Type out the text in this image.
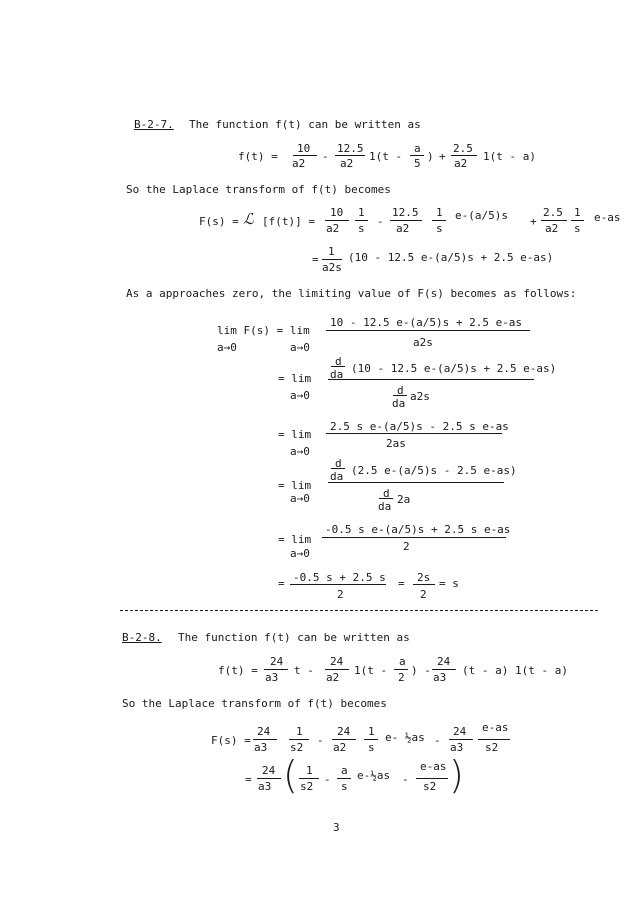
B-2-7. The function f(t) can be written as
f(t) =
10
a2
-
12.5
a2
1(t -
a
5
) +
2.5
a2
1(t - a)
So the Laplace transform of f(t) becomes
F(s) = ℒ [f(t)] =
10
a2
1
s
-
12.5
a2
1
s
e-(a/5)s +
2.5
a2
1
s
e-as
=
1
a2s
(10 - 12.5 e-(a/5)s + 2.5 e-as)
As a approaches zero, the limiting value of F(s) becomes as follows:
lim F(s) = lim
a→0	a→0
10 - 12.5 e-(a/5)s + 2.5 e-as
a2s
d
da (10 - 12.5 e-(a/5)s + 2.5 e-as)
= lim
a→0	d
da
a2s
2.5 s e-(a/5)s - 2.5 s e-as
= lim
2as
a→0
d
da (2.5 e-(a/5)s - 2.5 e-as)
= lim
a→0	d
da
2a
-0.5 s e-(a/5)s + 2.5 s e-as
= lim
2
a→0
= -0.5 s + 2.5 s
2
= 2s
2
= s
B-2-8. The function f(t) can be written as
f(t) =
24
a3
t -
24
a2
1(t -
a
2
) -
24
a3
(t - a) 1(t - a)
So the Laplace transform of f(t) becomes
F(s) =
24
a3
1
s2
-
24
a2
1
s
e- ½as -
24
a3
e-as
s2
=
24
a3 ( 1
s2
-
a
s
e-½as -
e-as
s2 )
3
